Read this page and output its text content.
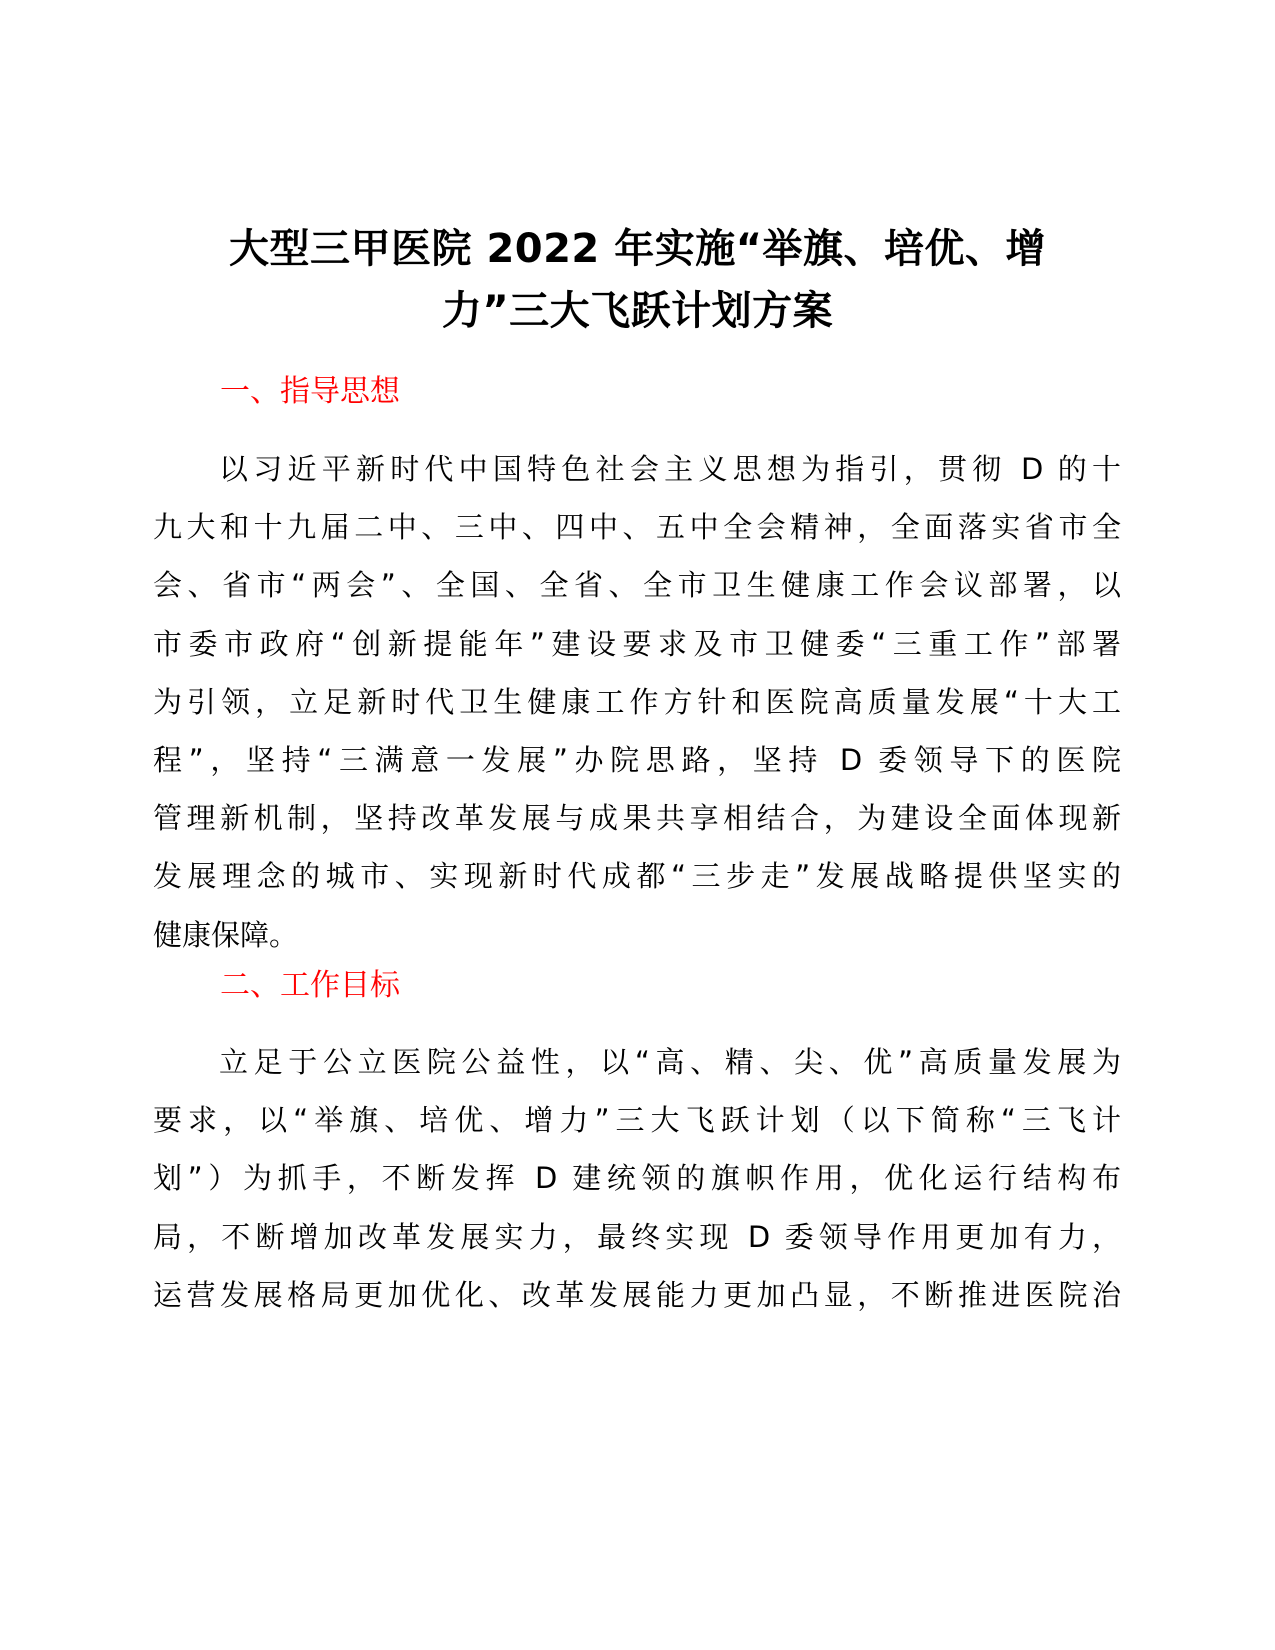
大型三甲医院 2022 年实施“举旗、培优、增
力”三大飞跃计划方案
一、指导思想
以习近平新时代中国特色社会主义思想为指引，贯彻 D 的十
九大和十九届二中、三中、四中、五中全会精神，全面落实省市全
会、省市“两会”、全国、全省、全市卫生健康工作会议部署，以
市委市政府“创新提能年”建设要求及市卫健委“三重工作”部署
为引领，立足新时代卫生健康工作方针和医院高质量发展“十大工
程”，坚持“三满意一发展”办院思路，坚持 D 委领导下的医院
管理新机制，坚持改革发展与成果共享相结合，为建设全面体现新
发展理念的城市、实现新时代成都“三步走”发展战略提供坚实的
健康保障。
二、工作目标
立足于公立医院公益性，以“高、精、尖、优”高质量发展为
要求，以“举旗、培优、增力”三大飞跃计划（以下简称“三飞计
划”）为抓手，不断发挥 D 建统领的旗帜作用，优化运行结构布
局，不断增加改革发展实力，最终实现 D 委领导作用更加有力，
运营发展格局更加优化、改革发展能力更加凸显，不断推进医院治
